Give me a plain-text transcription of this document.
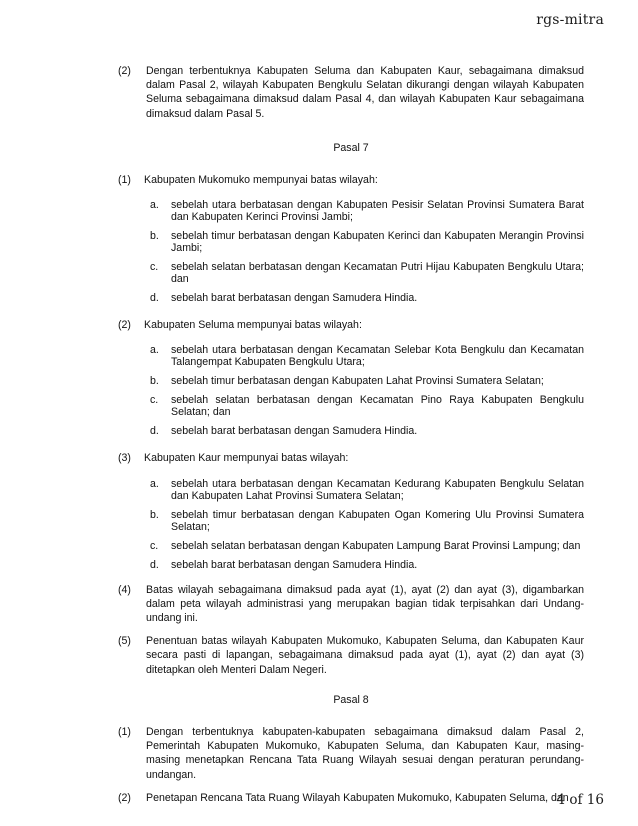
rgs-mitra
(2) Dengan terbentuknya Kabupaten Seluma dan Kabupaten Kaur, sebagaimana dimaksud dalam Pasal 2, wilayah Kabupaten Bengkulu Selatan dikurangi dengan wilayah Kabupaten Seluma sebagaimana dimaksud dalam Pasal 4, dan wilayah Kabupaten Kaur sebagaimana dimaksud dalam Pasal 5.
Pasal 7
(1) Kabupaten Mukomuko mempunyai batas wilayah:
a. sebelah utara berbatasan dengan Kabupaten Pesisir Selatan Provinsi Sumatera Barat dan Kabupaten Kerinci Provinsi Jambi;
b. sebelah timur berbatasan dengan Kabupaten Kerinci dan Kabupaten Merangin Provinsi Jambi;
c. sebelah selatan berbatasan dengan Kecamatan Putri Hijau Kabupaten Bengkulu Utara; dan
d. sebelah barat berbatasan dengan Samudera Hindia.
(2) Kabupaten Seluma mempunyai batas wilayah:
a. sebelah utara berbatasan dengan Kecamatan Selebar Kota Bengkulu dan Kecamatan Talangempat Kabupaten Bengkulu Utara;
b. sebelah timur berbatasan dengan Kabupaten Lahat Provinsi Sumatera Selatan;
c. sebelah selatan berbatasan dengan Kecamatan Pino Raya Kabupaten Bengkulu Selatan; dan
d. sebelah barat berbatasan dengan Samudera Hindia.
(3) Kabupaten Kaur mempunyai batas wilayah:
a. sebelah utara berbatasan dengan Kecamatan Kedurang Kabupaten Bengkulu Selatan dan Kabupaten Lahat Provinsi Sumatera Selatan;
b. sebelah timur berbatasan dengan Kabupaten Ogan Komering Ulu Provinsi Sumatera Selatan;
c. sebelah selatan berbatasan dengan Kabupaten Lampung Barat Provinsi Lampung; dan
d. sebelah barat berbatasan dengan Samudera Hindia.
(4) Batas wilayah sebagaimana dimaksud pada ayat (1), ayat (2) dan ayat (3), digambarkan dalam peta wilayah administrasi yang merupakan bagian tidak terpisahkan dari Undang-undang ini.
(5) Penentuan batas wilayah Kabupaten Mukomuko, Kabupaten Seluma, dan Kabupaten Kaur secara pasti di lapangan, sebagaimana dimaksud pada ayat (1), ayat (2) dan ayat (3) ditetapkan oleh Menteri Dalam Negeri.
Pasal 8
(1) Dengan terbentuknya kabupaten-kabupaten sebagaimana dimaksud dalam Pasal 2, Pemerintah Kabupaten Mukomuko, Kabupaten Seluma, dan Kabupaten Kaur, masing-masing menetapkan Rencana Tata Ruang Wilayah sesuai dengan peraturan perundang-undangan.
(2) Penetapan Rencana Tata Ruang Wilayah Kabupaten Mukomuko, Kabupaten Seluma, dan
4 of 16
